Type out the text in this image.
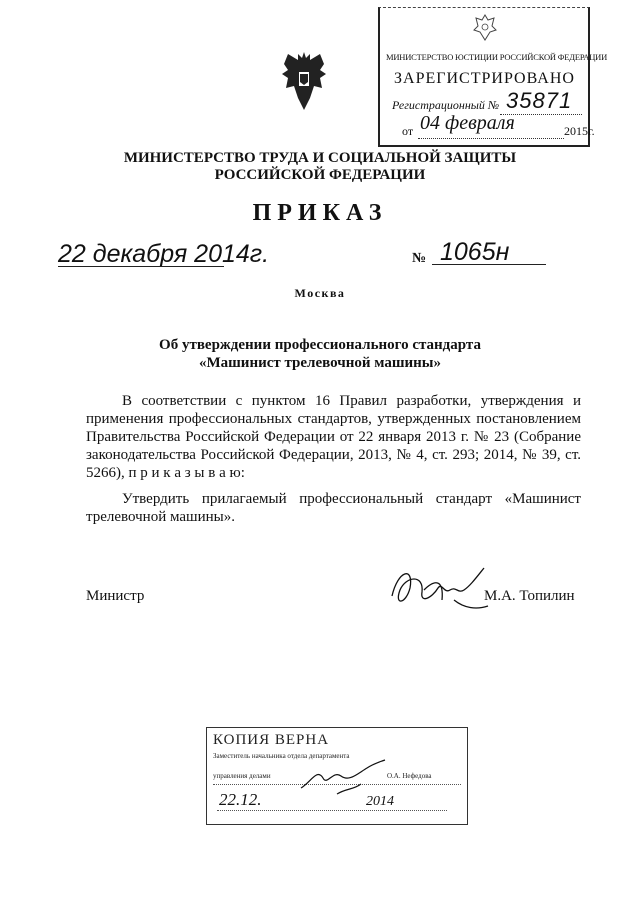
МИНИСТЕРСТВО ЮСТИЦИИ РОССИЙСКОЙ ФЕДЕРАЦИИ
ЗАРЕГИСТРИРОВАНО
Регистрационный № 35871
от 04 февраля	2015г.
МИНИСТЕРСТВО ТРУДА И СОЦИАЛЬНОЙ ЗАЩИТЫ
РОССИЙСКОЙ ФЕДЕРАЦИИ
ПРИКАЗ
22 декабря 2014г.	№ 1065н
Москва
Об утверждении профессионального стандарта
«Машинист трелевочной машины»
В соответствии с пунктом 16 Правил разработки, утверждения и применения профессиональных стандартов, утвержденных постановлением Правительства Российской Федерации от 22 января 2013 г. № 23 (Собрание законодательства Российской Федерации, 2013, № 4, ст. 293; 2014, № 39, ст. 5266), п р и к а з ы в а ю:
Утвердить прилагаемый профессиональный стандарт «Машинист трелевочной машины».
Министр	М.А. Топилин
КОПИЯ ВЕРНА
Заместитель начальника отдела департамента
управления делами	О.А. Нефедова
22.12.	2014
